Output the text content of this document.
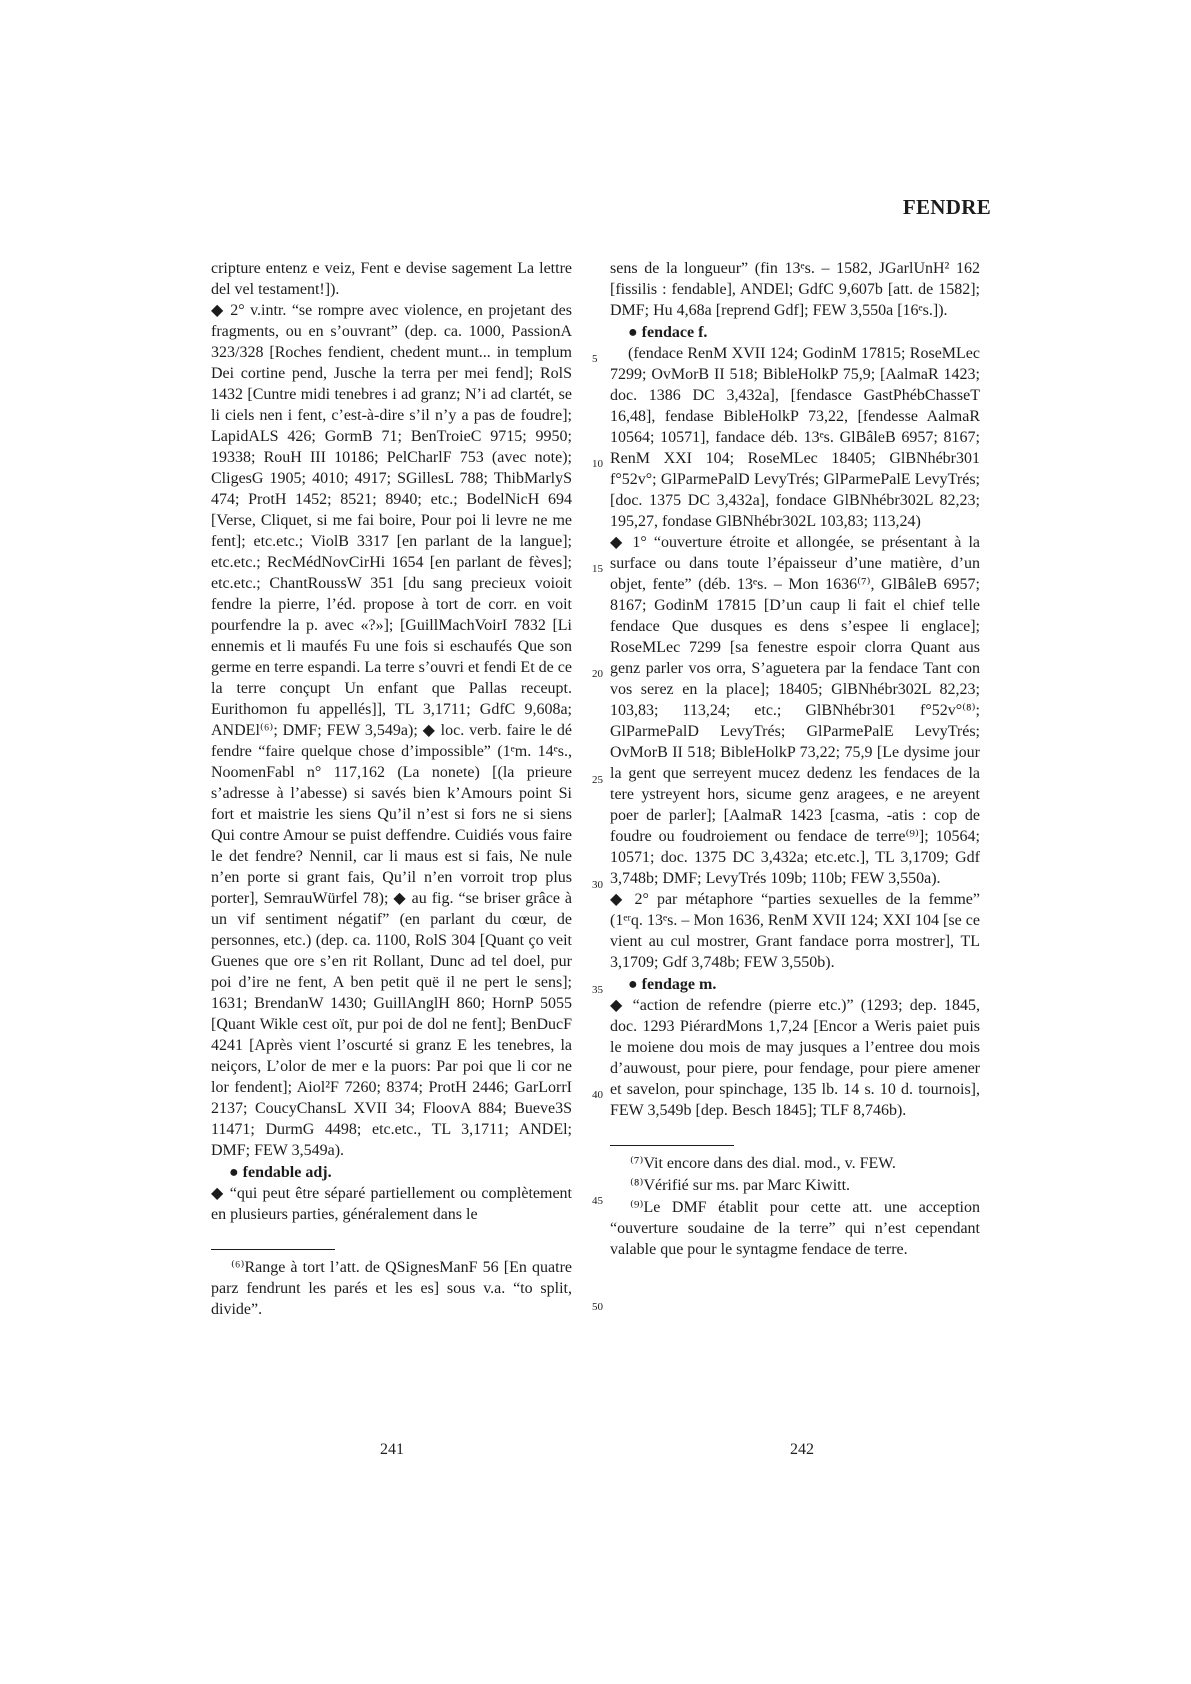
FENDRE

cripture entenz e veiz, Fent e devise sagement La lettre del vel testament!]).

◆ 2° v.intr. “se rompre avec violence, en projetant des fragments, ou en s’ouvrant” (dep. ca. 1000, PassionA 323/328 [Roches fendient, chedent munt... in templum Dei cortine pend, Jusche la terra per mei fend]; RolS 1432 [Cuntre midi tenebres i ad granz; N’i ad clartét, se li ciels nen i fent, c’est-à-dire s’il n’y a pas de foudre]; LapidALS 426; GormB 71; BenTroieC 9715; 9950; 19338; RouH III 10186; PelCharlF 753 (avec note); CligesG 1905; 4010; 4917; SGillesL 788; ThibMarlyS 474; ProtH 1452; 8521; 8940; etc.; BodelNicH 694 [Verse, Cliquet, si me fai boire, Pour poi li levre ne me fent]; etc.etc.; ViolB 3317 [en parlant de la langue]; etc.etc.; RecMédNovCirHi 1654 [en parlant de fèves]; etc.etc.; ChantRoussW 351 [du sang precieux voioit fendre la pierre, l’éd. propose à tort de corr. en voit pourfendre la p. avec «?»]; [GuillMachVoirI 7832 [Li ennemis et li maufés Fu une fois si eschaufés Que son germe en terre espandi. La terre s’ouvri et fendi Et de ce la terre conçupt Un enfant que Pallas receupt. Eurithomon fu appellés]], TL 3,1711; GdfC 9,608a; ANDEl⁽⁶⁾; DMF; FEW 3,549a); ◆ loc. verb. faire le dé fendre “faire quelque chose d’impossible” (1ᵉm. 14ᵉs., NoomenFabl n° 117,162 (La nonete) [(la prieure s’adresse à l’abesse) si savés bien k’Amours point Si fort et maistrie les siens Qu’il n’est si fors ne si siens Qui contre Amour se puist deffendre. Cuidiés vous faire le det fendre? Nennil, car li maus est si fais, Ne nule n’en porte si grant fais, Qu’il n’en vorroit trop plus porter], SemrauWürfel 78); ◆ au fig. “se briser grâce à un vif sentiment négatif” (en parlant du cœur, de personnes, etc.) (dep. ca. 1100, RolS 304 [Quant ço veit Guenes que ore s’en rit Rollant, Dunc ad tel doel, pur poi d’ire ne fent, A ben petit quë il ne pert le sens]; 1631; BrendanW 1430; GuillAnglH 860; HornP 5055 [Quant Wikle cest oït, pur poi de dol ne fent]; BenDucF 4241 [Après vient l’oscurté si granz E les tenebres, la neiçors, L’olor de mer e la puors: Par poi que li cor ne lor fendent]; Aiol²F 7260; 8374; ProtH 2446; GarLorrI 2137; CoucyChansL XVII 34; FloovA 884; Bueve3S 11471; DurmG 4498; etc.etc., TL 3,1711; ANDEl; DMF; FEW 3,549a).

● fendable adj.

◆ “qui peut être séparé partiellement ou complètement en plusieurs parties, généralement dans le

⁽⁶⁾Range à tort l’att. de QSignesManF 56 [En quatre parz fendrunt les parés et les es] sous v.a. “to split, divide”.

sens de la longueur” (fin 13ᵉs. – 1582, JGarlUnH² 162 [fissilis : fendable], ANDEl; GdfC 9,607b [att. de 1582]; DMF; Hu 4,68a [reprend Gdf]; FEW 3,550a [16ᵉs.]).

● fendace f.

(fendace RenM XVII 124; GodinM 17815; RoseMLec 7299; OvMorB II 518; BibleHolkP 75,9; [AalmaR 1423; doc. 1386 DC 3,432a], [fendasce GastPhébChasseT 16,48], fendase BibleHolkP 73,22, [fendesse AalmaR 10564; 10571], fandace déb. 13ᵉs. GlBâleB 6957; 8167; RenM XXI 104; RoseMLec 18405; GlBNhébr301 f°52v°; GlParmePalD LevyTrés; GlParmePalE LevyTrés; [doc. 1375 DC 3,432a], fondace GlBNhébr302L 82,23; 195,27, fondase GlBNhébr302L 103,83; 113,24)

◆ 1° “ouverture étroite et allongée, se présentant à la surface ou dans toute l’épaisseur d’une matière, d’un objet, fente” (déb. 13ᵉs. – Mon 1636⁽⁷⁾, GlBâleB 6957; 8167; GodinM 17815 [D’un caup li fait el chief telle fendace Que dusques es dens s’espee li englace]; RoseMLec 7299 [sa fenestre espoir clorra Quant aus genz parler vos orra, S’aguetera par la fendace Tant con vos serez en la place]; 18405; GlBNhébr302L 82,23; 103,83; 113,24; etc.; GlBNhébr301 f°52v°⁽⁸⁾; GlParmePalD LevyTrés; GlParmePalE LevyTrés; OvMorB II 518; BibleHolkP 73,22; 75,9 [Le dysime jour la gent que serreyent mucez dedenz les fendaces de la tere ystreyent hors, sicume genz aragees, e ne areyent poer de parler]; [AalmaR 1423 [casma, -atis : cop de foudre ou foudroiement ou fendace de terre⁽⁹⁾]; 10564; 10571; doc. 1375 DC 3,432a; etc.etc.], TL 3,1709; Gdf 3,748b; DMF; LevyTrés 109b; 110b; FEW 3,550a).

◆ 2° par métaphore “parties sexuelles de la femme” (1ᵉʳq. 13ᵉs. – Mon 1636, RenM XVII 124; XXI 104 [se ce vient au cul mostrer, Grant fandace porra mostrer], TL 3,1709; Gdf 3,748b; FEW 3,550b).

● fendage m.

◆ “action de refendre (pierre etc.)” (1293; dep. 1845, doc. 1293 PiérardMons 1,7,24 [Encor a Weris paiet puis le moiene dou mois de may jusques a l’entree dou mois d’auwoust, pour piere, pour fendage, pour piere amener et savelon, pour spinchage, 135 lb. 14 s. 10 d. tournois], FEW 3,549b [dep. Besch 1845]; TLF 8,746b).

⁽⁷⁾Vit encore dans des dial. mod., v. FEW.

⁽⁸⁾Vérifié sur ms. par Marc Kiwitt.

⁽⁹⁾Le DMF établit pour cette att. une acception “ouverture soudaine de la terre” qui n’est cependant valable que pour le syntagme fendace de terre.

5
10
15
20
25
30
35
40
45
50
241	242
